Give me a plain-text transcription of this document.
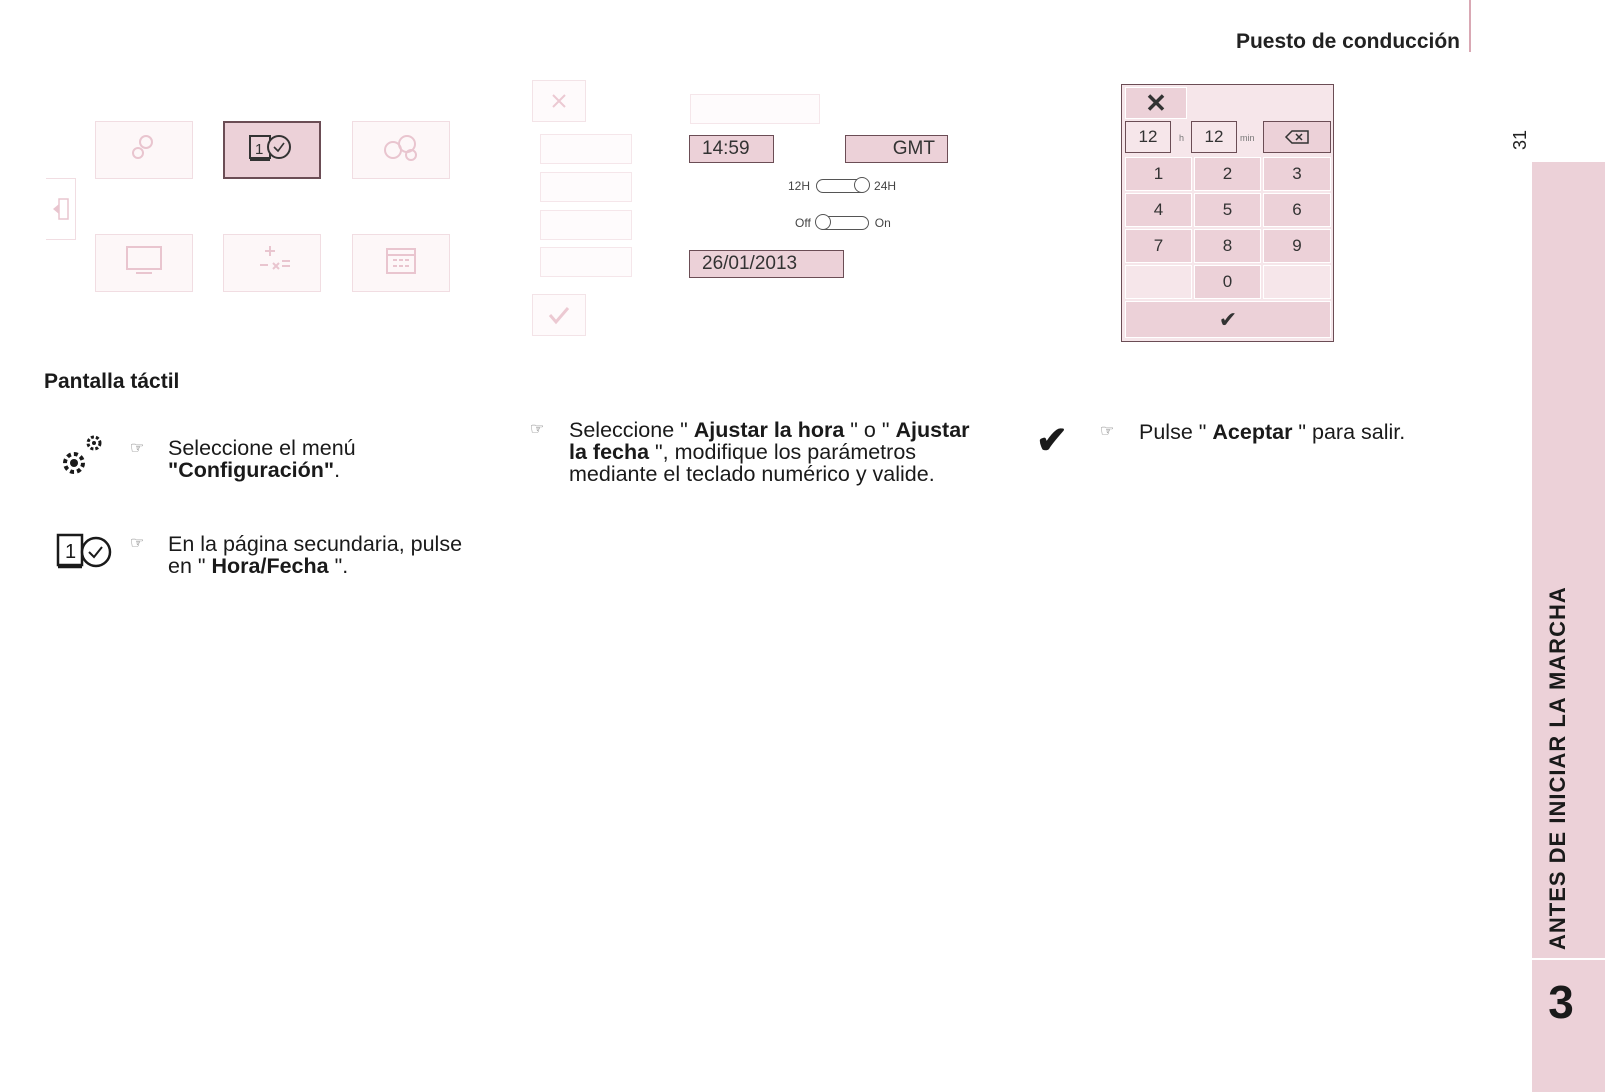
Puesto de conducción
31
ANTES DE INICIAR LA MARCHA
3
1	14:59	GMT
12H	24H
Off	On
26/01/2013
✕
12	h	12	min
1	2	3
4	5	6
7	8	9
0
✔
Pantalla táctil
☞ Seleccione el menú "Configuración".
1	☞ En la página secundaria, pulse en " Hora/Fecha ".
☞ Seleccione " Ajustar la hora " o " Ajustar la fecha ", modifique los parámetros mediante el teclado numérico y valide.
✔ ☞ Pulse " Aceptar " para salir.
